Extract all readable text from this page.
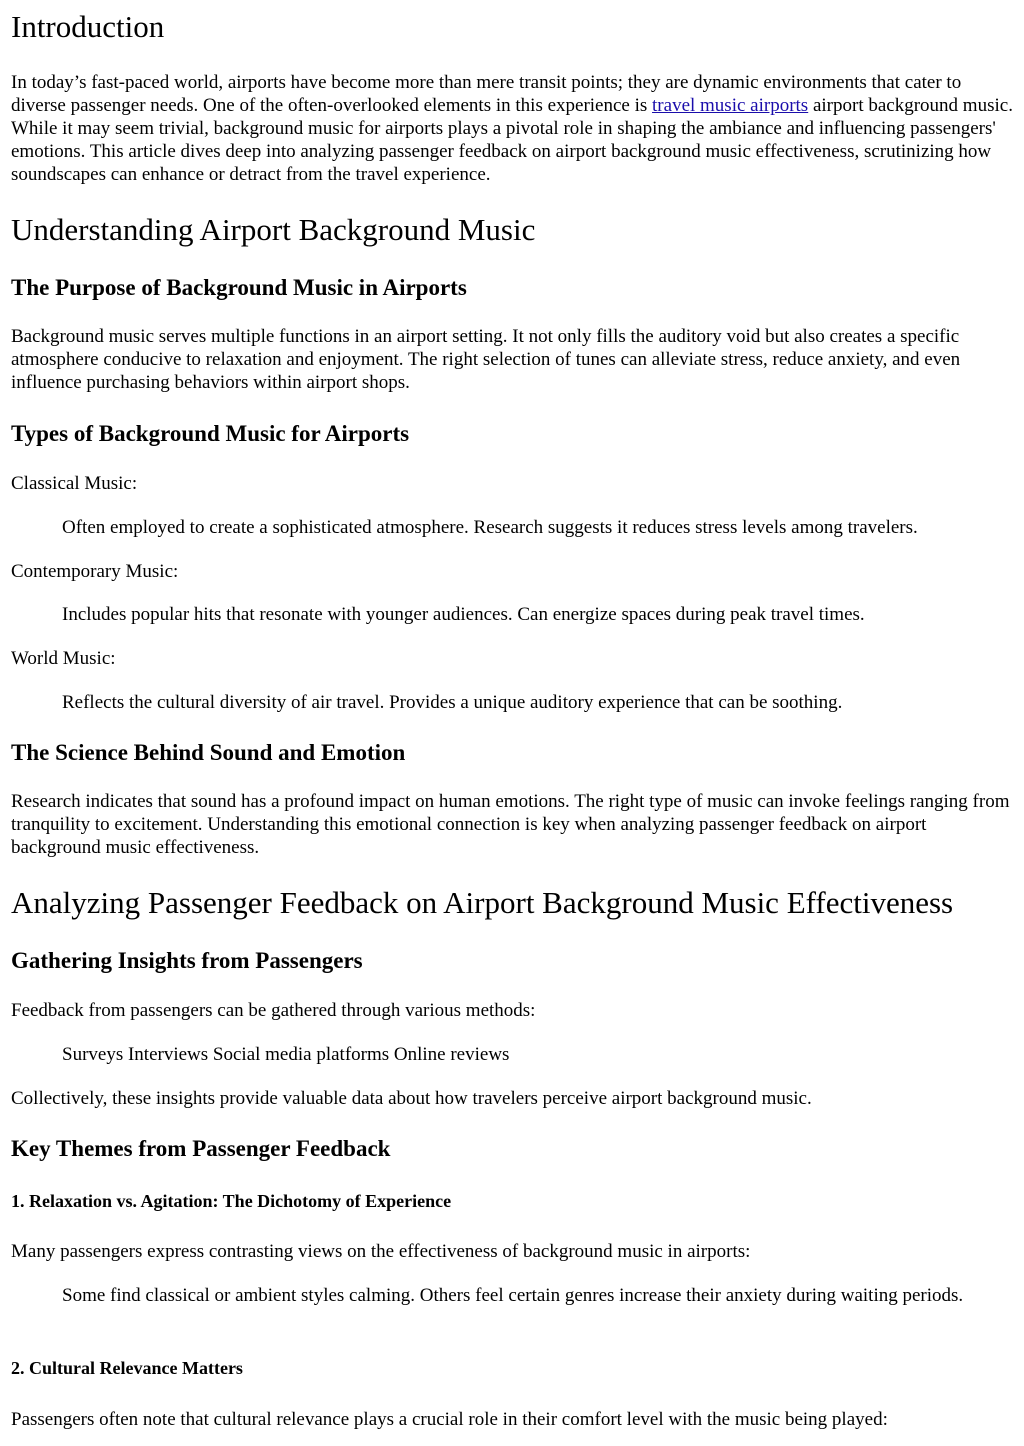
Introduction

In today’s fast-paced world, airports have become more than mere transit points; they are dynamic environments that cater to diverse passenger needs. One of the often-overlooked elements in this experience is travel music airports airport background music. While it may seem trivial, background music for airports plays a pivotal role in shaping the ambiance and influencing passengers' emotions. This article dives deep into analyzing passenger feedback on airport background music effectiveness, scrutinizing how soundscapes can enhance or detract from the travel experience.

Understanding Airport Background Music
The Purpose of Background Music in Airports

Background music serves multiple functions in an airport setting. It not only fills the auditory void but also creates a specific atmosphere conducive to relaxation and enjoyment. The right selection of tunes can alleviate stress, reduce anxiety, and even influence purchasing behaviors within airport shops.

Types of Background Music for Airports
Classical Music:
Often employed to create a sophisticated atmosphere. Research suggests it reduces stress levels among travelers.
Contemporary Music:
Includes popular hits that resonate with younger audiences. Can energize spaces during peak travel times.
World Music:
Reflects the cultural diversity of air travel. Provides a unique auditory experience that can be soothing.
The Science Behind Sound and Emotion

Research indicates that sound has a profound impact on human emotions. The right type of music can invoke feelings ranging from tranquility to excitement. Understanding this emotional connection is key when analyzing passenger feedback on airport background music effectiveness.

Analyzing Passenger Feedback on Airport Background Music Effectiveness
Gathering Insights from Passengers

Feedback from passengers can be gathered through various methods:

Surveys Interviews Social media platforms Online reviews

Collectively, these insights provide valuable data about how travelers perceive airport background music.

Key Themes from Passenger Feedback
1. Relaxation vs. Agitation: The Dichotomy of Experience

Many passengers express contrasting views on the effectiveness of background music in airports:

Some find classical or ambient styles calming. Others feel certain genres increase their anxiety during waiting periods.
2. Cultural Relevance Matters

Passengers often note that cultural relevance plays a crucial role in their comfort level with the music being played:
